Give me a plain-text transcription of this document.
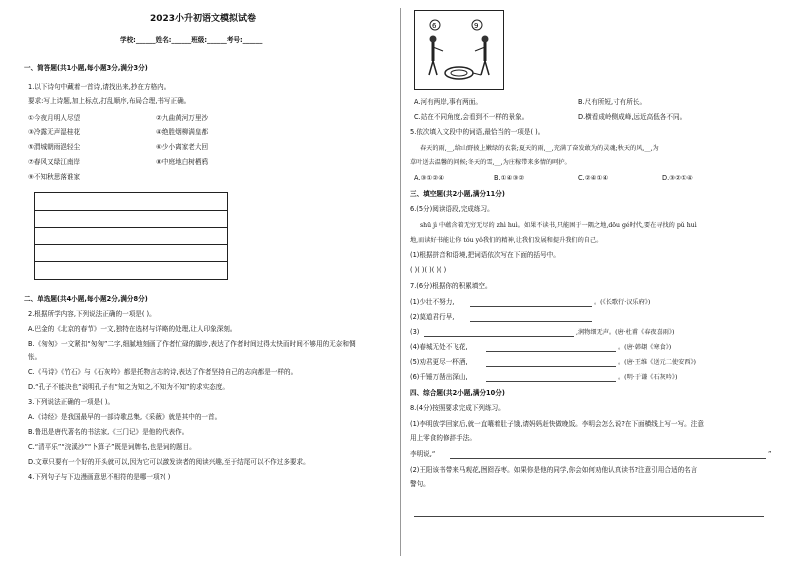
2023小升初语文模拟试卷
学校:______姓名:______班级:______考号:______
一、简答题(共1小题,每小题3分,满分3分)
1.以下诗句中藏着一首诗,请找出来,抄在方格内。
要求:写上诗题,加上标点,打乱顺序,布局合理,书写正确。
①今夜月明人尽望	②九曲黄河万里沙
③冷露无声湿桂花	④绝胜烟柳满皇都
⑤渭城朝雨浥轻尘	⑥少小离家老大回
⑦春风又绿江南岸	⑧中庭地白树栖鸦
⑨不知秋思落谁家
二、单选题(共4小题,每小题2分,满分8分)
2.根据所学内容,下列说法正确的一项是( )。
A.巴金的《北京的春节》一文,独特在选材与详略的处理,让人印象深刻。
B.《匆匆》一文紧扣“匆匆”二字,细腻地刻画了作者忙碌的脚步,表达了作者时间过得太快而时间不够用的无奈和惆
怅。
C.《马诗》《竹石》与《石灰吟》都是托物言志的诗,表达了作者坚持自己的志向都是一样的。
D.“孔子不能决也”说明孔子有“知之为知之,不知为不知”的求实态度。
3.下列说法正确的一项是( )。
A.《诗经》是我国最早的一部诗歌总集,《采薇》就是其中的一首。
B.鲁迅是唐代著名的书法家,《三门记》是他的代表作。
C.“清平乐”“浣溪沙”“卜算子”既是词牌名,也是词的题目。
D.文章只要有一个好的开头就可以,因为它可以激发读者的阅读兴趣,至于结尾可以不作过多要求。
4.下列句子与下边漫画意思不相符的是哪一项?( )
6	9
A.河有两岸,事有两面。	B.尺有所短,寸有所长。
C.站在不同角度,会看到不一样的景象。	D.横看成岭侧成峰,远近高低各不同。
5.依次填入文段中的词语,最恰当的一项是( )。
春天的雨,__,给山野披上嫩绿的衣裳;夏天的雨,__,充满了奋发敢为的灵魂;秋天的风,__,为
草叶送去温馨的问候;冬天的雪,__,为庄稼带来多情的呵护。
A.③①②④	B.①④③②	C.②④①④	D.③②①④
三、填空题(共2小题,满分11分)
6.(5分)阅读语段,完成练习。
shū jì 中蕴含着无穷无尽的 zhì huì。如果不读书,只能困于一隅之地,dōu gé时代,要在寻找的 pǔ huì
地,而读好书能让你 tóu yǒ我们的精神,让我们发展和提升我们的自己。
(1)根据拼音和语境,把词语依次写在下面的括号中。
( )( )( )( )( )
7.(6分)根据你的积累填空。
(1)少壮不努力,	。(《长歌行·汉乐府》)
(2)莫道君行早,
(3)	,润物细无声。(唐·杜甫《春夜喜雨》)
(4)春城无处不飞花,	。(唐·韩翃《寒食》)
(5)劝君更尽一杯酒,	。(唐·王维《送元二使安西》)
(6)千锤万凿出深山,	。(明·于谦《石灰吟》)
四、综合题(共2小题,满分10分)
8.(4分)按照要求完成下列练习。
(1)李明放学回家后,就一直嚷着肚子饿,请妈妈赶快做晚饭。李明会怎么说?在下面横线上写一写。注意
用上零食的修辞手法。
李明说,“	”
(2)王阳该书带来马观花,囫囵吞枣。如果你是他的同学,你会如何劝他认真读书?注意引用合适的名言
警句。
